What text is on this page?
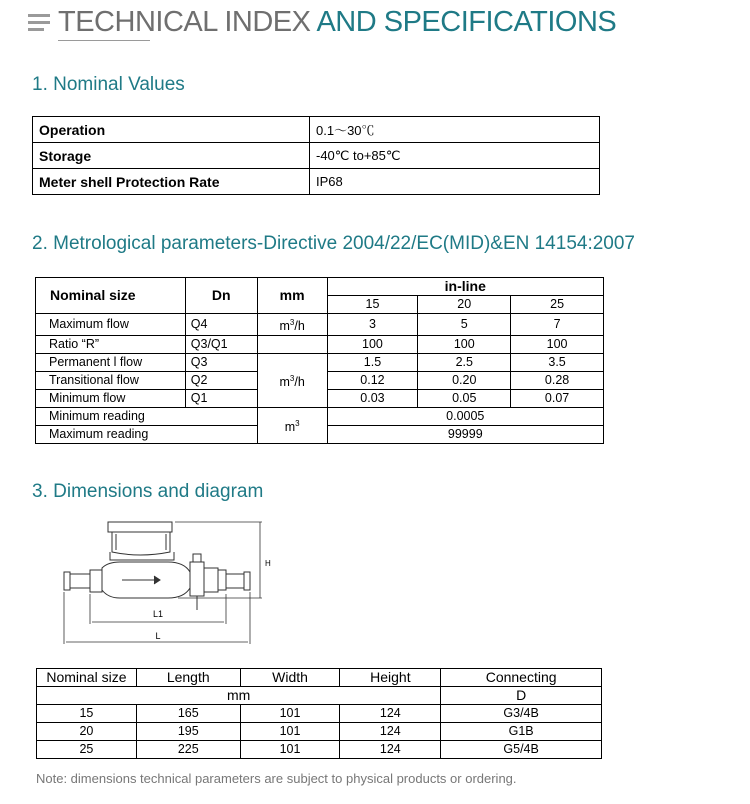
TECHNICAL INDEX AND SPECIFICATIONS
1. Nominal Values
Operation	0.1～30℃
Storage	-40℃ to+85℃
Meter shell Protection Rate	IP68
2. Metrological parameters-Directive 2004/22/EC(MID)&EN 14154:2007
Nominal size	Dn	mm	in-line		
			15	20	25
Maximum flow	Q4	$m^3/h$	3	5	7
Ratio “R”	Q3/Q1		100	100	100
Permanent l flow	Q3	$m^3/h$	1.5	2.5	3.5
Transitional flow	Q2		0.12	0.20	0.28
Minimum flow	Q1		0.03	0.05	0.07
Minimum reading		$m^3$	0.0005		
Maximum reading			99999		
3. Dimensions and diagram
L1
L
H
Nominal size	Length	Width	Height	Connecting
mm				D
15	165	101	124	G3/4B
20	195	101	124	G1B
25	225	101	124	G5/4B
Note: dimensions technical parameters are subject to physical products or ordering.
